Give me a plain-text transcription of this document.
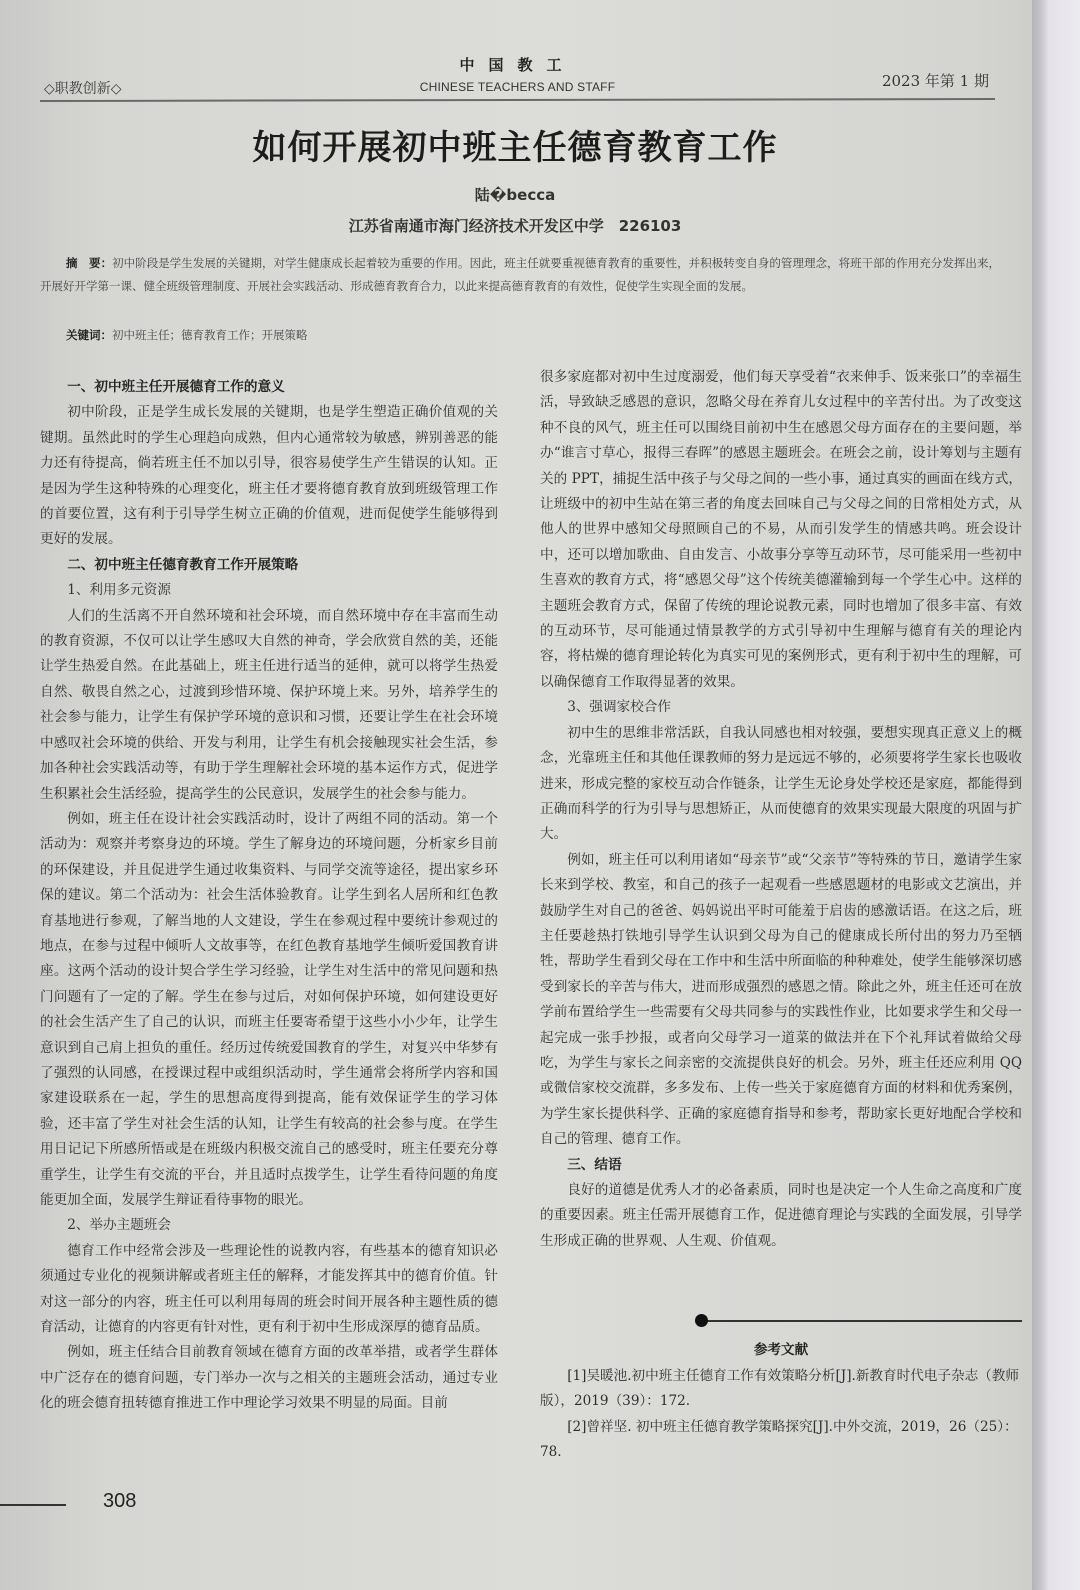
◇职教创新◇
中国教工
CHINESE TEACHERS AND STAFF	2023 年第 1 期
如何开展初中班主任德育教育工作
陆�becca
江苏省南通市海门经济技术开发区中学　226103
摘　要：初中阶段是学生发展的关键期，对学生健康成长起着较为重要的作用。因此，班主任就要重视德育教育的重要性，并积极转变自身的管理理念，将班干部的作用充分发挥出来，开展好开学第一课、健全班级管理制度、开展社会实践活动、形成德育教育合力，以此来提高德育教育的有效性，促使学生实现全面的发展。
关键词：初中班主任；德育教育工作；开展策略
一、初中班主任开展德育工作的意义

初中阶段，正是学生成长发展的关键期，也是学生塑造正确价值观的关键期。虽然此时的学生心理趋向成熟，但内心通常较为敏感，辨别善恶的能力还有待提高，倘若班主任不加以引导，很容易使学生产生错误的认知。正是因为学生这种特殊的心理变化，班主任才要将德育教育放到班级管理工作的首要位置，这有利于引导学生树立正确的价值观，进而促使学生能够得到更好的发展。

二、初中班主任德育教育工作开展策略
1、利用多元资源

人们的生活离不开自然环境和社会环境，而自然环境中存在丰富而生动的教育资源，不仅可以让学生感叹大自然的神奇，学会欣赏自然的美，还能让学生热爱自然。在此基础上，班主任进行适当的延伸，就可以将学生热爱自然、敬畏自然之心，过渡到珍惜环境、保护环境上来。另外，培养学生的社会参与能力，让学生有保护学环境的意识和习惯，还要让学生在社会环境中感叹社会环境的供给、开发与利用，让学生有机会接触现实社会生活，参加各种社会实践活动等，有助于学生理解社会环境的基本运作方式，促进学生积累社会生活经验，提高学生的公民意识，发展学生的社会参与能力。

例如，班主任在设计社会实践活动时，设计了两组不同的活动。第一个活动为：观察并考察身边的环境。学生了解身边的环境问题，分析家乡目前的环保建设，并且促进学生通过收集资料、与同学交流等途径，提出家乡环保的建议。第二个活动为：社会生活体验教育。让学生到名人居所和红色教育基地进行参观，了解当地的人文建设，学生在参观过程中要统计参观过的地点，在参与过程中倾听人文故事等，在红色教育基地学生倾听爱国教育讲座。这两个活动的设计契合学生学习经验，让学生对生活中的常见问题和热门问题有了一定的了解。学生在参与过后，对如何保护环境，如何建设更好的社会生活产生了自己的认识，而班主任要寄希望于这些小小少年，让学生意识到自己肩上担负的重任。经历过传统爱国教育的学生，对复兴中华梦有了强烈的认同感，在授课过程中或组织活动时，学生通常会将所学内容和国家建设联系在一起，学生的思想高度得到提高，能有效保证学生的学习体验，还丰富了学生对社会生活的认知，让学生有较高的社会参与度。在学生用日记记下所感所悟或是在班级内积极交流自己的感受时，班主任要充分尊重学生，让学生有交流的平台，并且适时点拨学生，让学生看待问题的角度能更加全面，发展学生辩证看待事物的眼光。

2、举办主题班会

德育工作中经常会涉及一些理论性的说教内容，有些基本的德育知识必须通过专业化的视频讲解或者班主任的解释，才能发挥其中的德育价值。针对这一部分的内容，班主任可以利用每周的班会时间开展各种主题性质的德育活动，让德育的内容更有针对性，更有利于初中生形成深厚的德育品质。

例如，班主任结合目前教育领域在德育方面的改革举措，或者学生群体中广泛存在的德育问题，专门举办一次与之相关的主题班会活动，通过专业化的班会德育扭转德育推进工作中理论学习效果不明显的局面。目前

很多家庭都对初中生过度溺爱，他们每天享受着“衣来伸手、饭来张口”的幸福生活，导致缺乏感恩的意识，忽略父母在养育儿女过程中的辛苦付出。为了改变这种不良的风气，班主任可以围绕目前初中生在感恩父母方面存在的主要问题，举办“谁言寸草心，报得三春晖”的感恩主题班会。在班会之前，设计筹划与主题有关的 PPT，捕捉生活中孩子与父母之间的一些小事，通过真实的画面在线方式，让班级中的初中生站在第三者的角度去回味自己与父母之间的日常相处方式，从他人的世界中感知父母照顾自己的不易，从而引发学生的情感共鸣。班会设计中，还可以增加歌曲、自由发言、小故事分享等互动环节，尽可能采用一些初中生喜欢的教育方式，将“感恩父母”这个传统美德灌输到每一个学生心中。这样的主题班会教育方式，保留了传统的理论说教元素，同时也增加了很多丰富、有效的互动环节，尽可能通过情景教学的方式引导初中生理解与德育有关的理论内容，将枯燥的德育理论转化为真实可见的案例形式，更有利于初中生的理解，可以确保德育工作取得显著的效果。

3、强调家校合作

初中生的思维非常活跃，自我认同感也相对较强，要想实现真正意义上的概念，光靠班主任和其他任课教师的努力是远远不够的，必须要将学生家长也吸收进来，形成完整的家校互动合作链条，让学生无论身处学校还是家庭，都能得到正确而科学的行为引导与思想矫正，从而使德育的效果实现最大限度的巩固与扩大。

例如，班主任可以利用诸如“母亲节”或“父亲节”等特殊的节日，邀请学生家长来到学校、教室，和自己的孩子一起观看一些感恩题材的电影或文艺演出，并鼓励学生对自己的爸爸、妈妈说出平时可能羞于启齿的感激话语。在这之后，班主任要趁热打铁地引导学生认识到父母为自己的健康成长所付出的努力乃至牺牲，帮助学生看到父母在工作中和生活中所面临的种种难处，使学生能够深切感受到家长的辛苦与伟大，进而形成强烈的感恩之情。除此之外，班主任还可在放学前布置给学生一些需要有父母共同参与的实践性作业，比如要求学生和父母一起完成一张手抄报，或者向父母学习一道菜的做法并在下个礼拜试着做给父母吃，为学生与家长之间亲密的交流提供良好的机会。另外，班主任还应利用 QQ 或微信家校交流群，多多发布、上传一些关于家庭德育方面的材料和优秀案例，为学生家长提供科学、正确的家庭德育指导和参考，帮助家长更好地配合学校和自己的管理、德育工作。

三、结语

良好的道德是优秀人才的必备素质，同时也是决定一个人生命之高度和广度的重要因素。班主任需开展德育工作，促进德育理论与实践的全面发展，引导学生形成正确的世界观、人生观、价值观。

参考文献

[1]吴暖池.初中班主任德育工作有效策略分析[J].新教育时代电子杂志（教师版），2019（39）：172.

[2]曾祥坚. 初中班主任德育教学策略探究[J].中外交流，2019，26（25）：78.

308
